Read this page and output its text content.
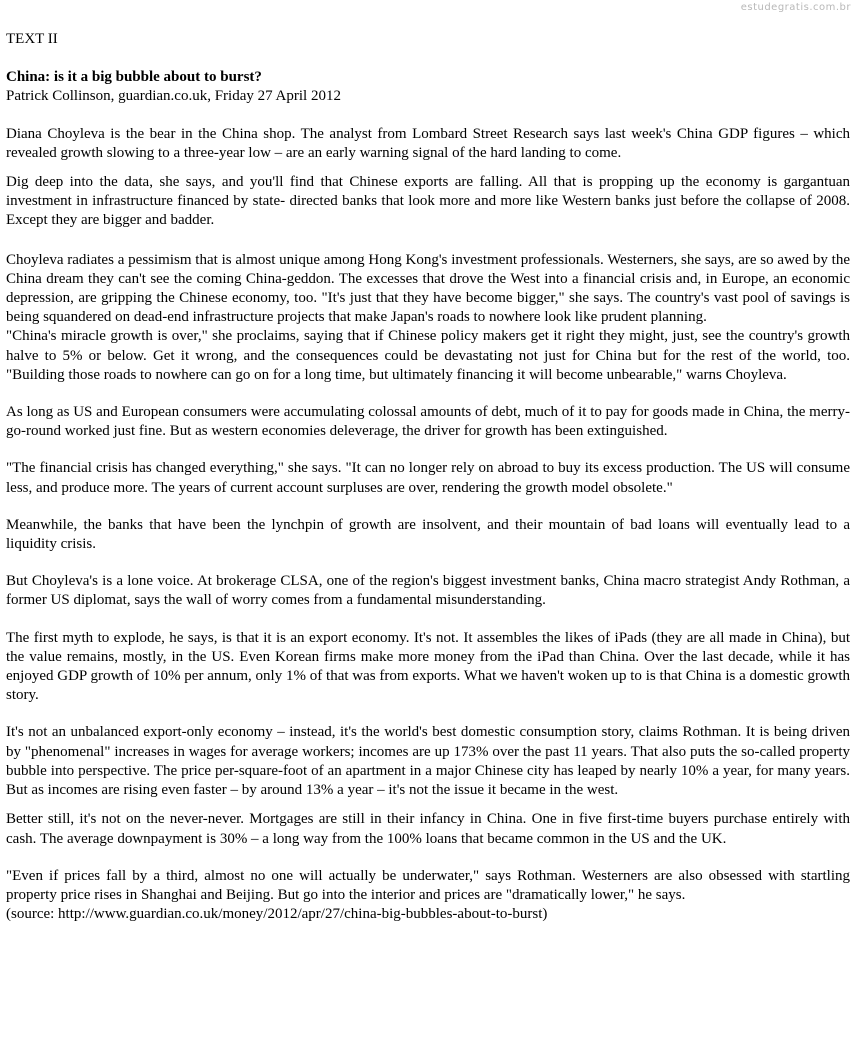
estudegratis.com.br
TEXT II
China: is it a big bubble about to burst?
Patrick Collinson, guardian.co.uk, Friday 27 April 2012

Diana Choyleva is the bear in the China shop. The analyst from Lombard Street Research says last week's China GDP figures – which revealed growth slowing to a three-year low – are an early warning signal of the hard landing to come.

Dig deep into the data, she says, and you'll find that Chinese exports are falling. All that is propping up the economy is gargantuan investment in infrastructure financed by state- directed banks that look more and more like Western banks just before the collapse of 2008. Except they are bigger and badder.

Choyleva radiates a pessimism that is almost unique among Hong Kong's investment professionals. Westerners, she says, are so awed by the China dream they can't see the coming China-geddon. The excesses that drove the West into a financial crisis and, in Europe, an economic depression, are gripping the Chinese economy, too. "It's just that they have become bigger," she says. The country's vast pool of savings is being squandered on dead-end infrastructure projects that make Japan's roads to nowhere look like prudent planning.

"China's miracle growth is over," she proclaims, saying that if Chinese policy makers get it right they might, just, see the country's growth halve to 5% or below. Get it wrong, and the consequences could be devastating not just for China but for the rest of the world, too. "Building those roads to nowhere can go on for a long time, but ultimately financing it will become unbearable," warns Choyleva.

As long as US and European consumers were accumulating colossal amounts of debt, much of it to pay for goods made in China, the merry-go-round worked just fine. But as western economies deleverage, the driver for growth has been extinguished.

"The financial crisis has changed everything," she says. "It can no longer rely on abroad to buy its excess production. The US will consume less, and produce more. The years of current account surpluses are over, rendering the growth model obsolete."

Meanwhile, the banks that have been the lynchpin of growth are insolvent, and their mountain of bad loans will eventually lead to a liquidity crisis.

But Choyleva's is a lone voice. At brokerage CLSA, one of the region's biggest investment banks, China macro strategist Andy Rothman, a former US diplomat, says the wall of worry comes from a fundamental misunderstanding.

The first myth to explode, he says, is that it is an export economy. It's not. It assembles the likes of iPads (they are all made in China), but the value remains, mostly, in the US. Even Korean firms make more money from the iPad than China. Over the last decade, while it has enjoyed GDP growth of 10% per annum, only 1% of that was from exports. What we haven't woken up to is that China is a domestic growth story.

It's not an unbalanced export-only economy – instead, it's the world's best domestic consumption story, claims Rothman. It is being driven by "phenomenal" increases in wages for average workers; incomes are up 173% over the past 11 years. That also puts the so-called property bubble into perspective. The price per-square-foot of an apartment in a major Chinese city has leaped by nearly 10% a year, for many years. But as incomes are rising even faster – by around 13% a year – it's not the issue it became in the west.

Better still, it's not on the never-never. Mortgages are still in their infancy in China. One in five first-time buyers purchase entirely with cash. The average downpayment is 30% – a long way from the 100% loans that became common in the US and the UK.

"Even if prices fall by a third, almost no one will actually be underwater," says Rothman. Westerners are also obsessed with startling property price rises in Shanghai and Beijing. But go into the interior and prices are "dramatically lower," he says.

(source: http://www.guardian.co.uk/money/2012/apr/27/china-big-bubbles-about-to-burst)
